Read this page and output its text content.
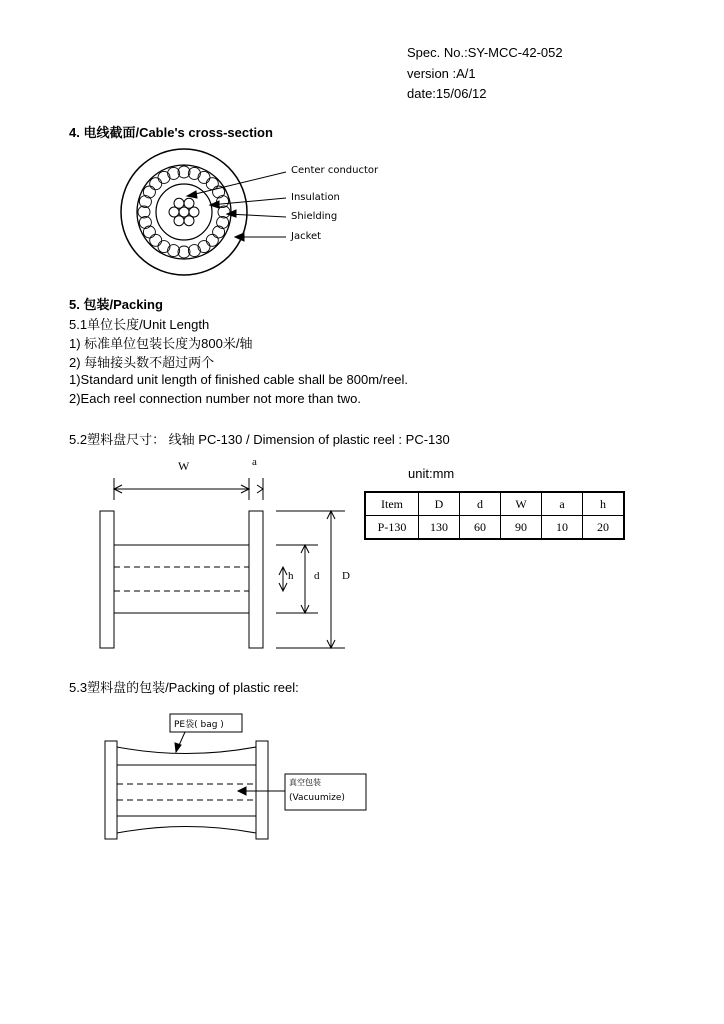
Spec. No.:SY-MCC-42-052
version :A/1
date:15/06/12
4. 电线截面/Cable's cross-section
Center conductor
Insulation
Shielding
Jacket
5. 包装/Packing
5.1单位长度/Unit Length
1) 标准单位包装长度为800米/轴
2) 每轴接头数不超过两个
1)Standard unit length of finished cable shall be 800m/reel.
2)Each reel connection number not more than two.
5.2塑料盘尺寸： 线轴 PC-130 / Dimension of plastic reel : PC-130
W	a
h d D
unit:mm
Item	D	d	W	a	h
P-130	130	60	90	10	20
5.3塑料盘的包装/Packing of plastic reel:
PE袋( bag )
真空包装
(Vacuumize)
